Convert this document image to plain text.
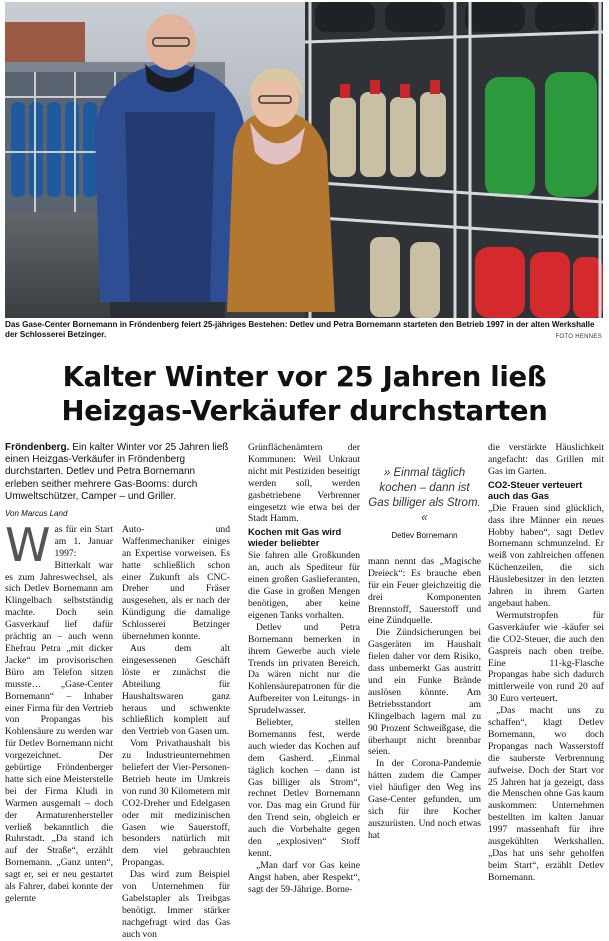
Das Gase-Center Bornemann in Fröndenberg feiert 25-jähriges Bestehen: Detlev und Petra Bornemann starteten den Betrieb 1997 in der alten Werkshalle der Schlosserei Betzinger.	FOTO HENNES
Kalter Winter vor 25 Jahren ließ
Heizgas-Verkäufer durchstarten
Fröndenberg. Ein kalter Winter vor 25 Jahren ließ einen Heizgas-Verkäufer in Fröndenberg durchstarten. Detlev und Petra Bornemann erleben seither mehrere Gas-Booms: durch Umweltschützer, Camper – und Griller.
Von Marcus Land
W as für ein Start am 1. Januar 1997: Bitterkalt war es zum Jahreswechsel, als sich Detlev Bornemann am Klingelbach selbstständig machte. Doch sein Gasverkauf lief dafür prächtig an – auch wenn Ehefrau Petra „mit dicker Jacke“ im provisorischen Büro am Telefon sitzen musste… „Gase-Center Bornemann“ – Inhaber einer Firma für den Vertrieb von Propangas bis Kohlensäure zu werden war für Detlev Bornemann nicht vorgezeichnet. Der gebürtige Fröndenberger hatte sich eine Meisterstelle bei der Firma Kludi in Warmen ausgemalt – doch der Armaturenhersteller verließ bekanntlich die Ruhrstadt. „Da stand ich auf der Straße“, erzählt Bornemann. „Ganz unten“, sagt er, sei er neu gestartet als Fahrer, dabei konnte der gelernte

Auto- und Waffenmechaniker einiges an Expertise vorweisen. Es hatte schließlich schon einer Zukunft als CNC-Dreher und Fräser ausgesehen, als er nach der Kündigung die damalige Schlosserei Betzinger übernehmen konnte.

Aus dem alt eingesessenen Geschäft löste er zunächst die Abteilung für Haushaltswaren ganz heraus und schwenkte schließlich komplett auf den Vertrieb von Gasen um.

Vom Privathaushalt bis zu Industrieunternehmen beliefert der Vier-Personen-Betrieb heute im Umkreis von rund 30 Kilometern mit CO2-Dreher und Edelgasen oder mit medizinischen Gasen wie Sauerstoff, besonders natürlich mit dem viel gebrauchten Propangas.

Das wird zum Beispiel von Unternehmen für Gabelstapler als Treibgas benötigt. Immer stärker nachgefragt wird das Gas auch von

Grünflächenämtern der Kommunen: Weil Unkraut nicht mit Pestiziden beseitigt werden soll, werden gasbetriebene Verbrenner eingesetzt wie etwa bei der Stadt Hamm.

Kochen mit Gas wird wieder beliebter

Sie fahren alle Großkunden an, auch als Spediteur für einen großen Gaslieferanten, die Gase in großen Mengen benötigen, aber keine eigenen Tanks vorhalten.

Detlev und Petra Bornemann bemerken in ihrem Gewerbe auch viele Trends im privaten Bereich. Da wären nicht nur die Kohlensäurepatronen für die Aufbereiter von Leitungs- in Sprudelwasser.

Beliebter, stellen Bornemanns fest, werde auch wieder das Kochen auf dem Gasherd. „Einmal täglich kochen – dann ist Gas billiger als Strom“, rechnet Detlev Bornemann vor. Das mag ein Grund für den Trend sein, obgleich er auch die Vorbehalte gegen den „explosiven“ Stoff kennt.

„Man darf vor Gas keine Angst haben, aber Respekt“, sagt der 59-Jährige. Borne-

» Einmal täglich kochen – dann ist Gas billiger als Strom. «
Detlev Bornemann

mann nennt das „Magische Dreieck“: Es brauche eben für ein Feuer gleichzeitig die drei Komponenten Brennstoff, Sauerstoff und eine Zündquelle.

Die Zündsicherungen bei Gasgeräten im Haushalt fielen daher vor dem Risiko, dass unbemerkt Gas austritt und ein Funke Brände auslösen könnte. Am Betriebsstandort am Klingelbach lagern mal zu 90 Prozent Schweißgase, die überhaupt nicht brennbar seien.

In der Corona-Pandemie hätten zudem die Camper viel häufiger den Weg ins Gase-Center gefunden, um sich für ihre Kocher auszurüsten. Und noch etwas hat

die verstärkte Häuslichkeit angefacht: das Grillen mit Gas im Garten.

CO2-Steuer verteuert auch das Gas

„Die Frauen sind glücklich, dass ihre Männer ein neues Hobby haben“, sagt Detlev Bornemann schmunzelnd. Er weiß von zahlreichen offenen Küchenzeilen, die sich Häuslebesitzer in den letzten Jahren in ihrem Garten angebaut haben.

Wermutstropfen für Gasverkäufer wie -käufer sei die CO2-Steuer, die auch den Gaspreis nach oben treibe. Eine 11-kg-Flasche Propangas habe sich dadurch mittlerweile von rund 20 auf 30 Euro verteuert.

„Das macht uns zu schaffen“, klagt Detlev Bornemann, wo doch Propangas nach Wasserstoff die sauberste Verbrennung aufweise. Doch der Start vor 25 Jahren hat ja gezeigt, dass die Menschen ohne Gas kaum auskommen: Unternehmen bestellten im kalten Januar 1997 massenhaft für ihre ausgekühlten Werkshallen. „Das hat uns sehr geholfen beim Start“, erzählt Detlev Bornemann.
